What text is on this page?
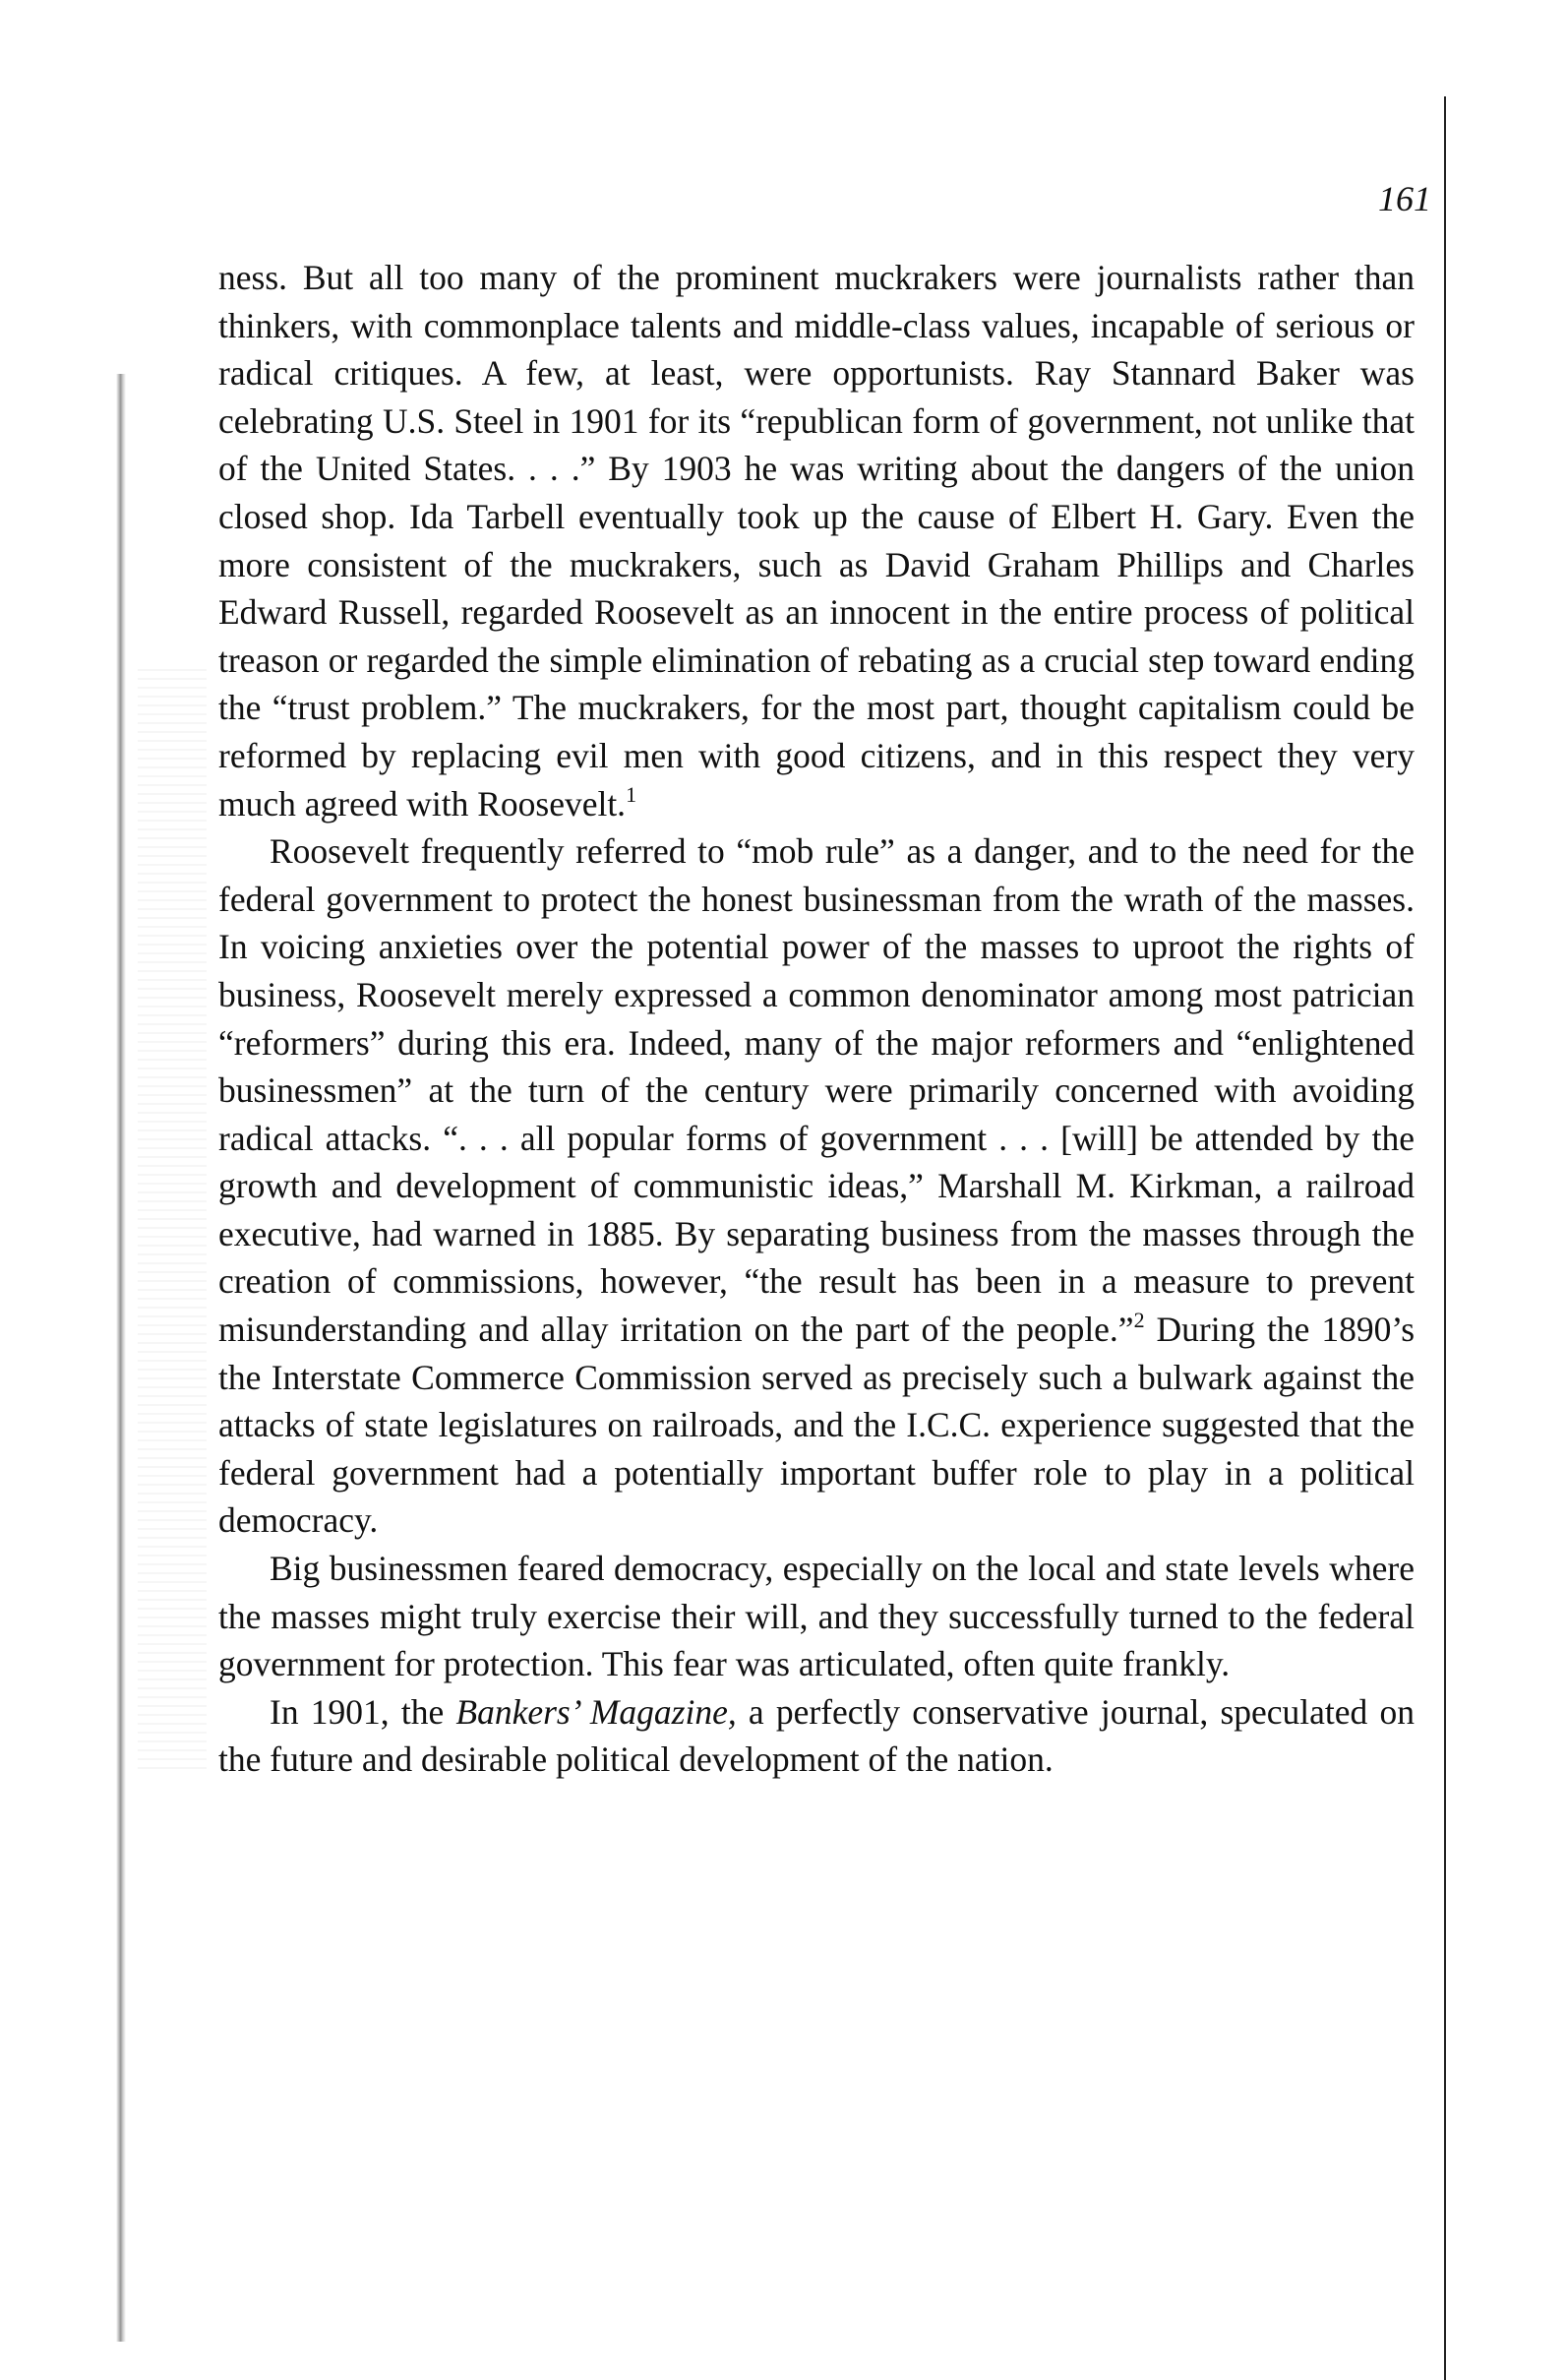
161

ness. But all too many of the prominent muckrakers were journalists rather than thinkers, with commonplace talents and middle-class values, incapable of serious or radical critiques. A few, at least, were opportunists. Ray Stannard Baker was celebrating U.S. Steel in 1901 for its “republican form of government, not unlike that of the United States. . . .” By 1903 he was writing about the dangers of the union closed shop. Ida Tarbell eventually took up the cause of Elbert H. Gary. Even the more consistent of the muckrakers, such as David Graham Phillips and Charles Edward Russell, regarded Roosevelt as an innocent in the entire process of political treason or regarded the simple elimination of rebating as a crucial step toward ending the “trust problem.” The muckrakers, for the most part, thought capitalism could be reformed by replacing evil men with good citizens, and in this respect they very much agreed with Roosevelt.$^1$

Roosevelt frequently referred to “mob rule” as a danger, and to the need for the federal government to protect the honest businessman from the wrath of the masses. In voicing anxieties over the potential power of the masses to uproot the rights of business, Roosevelt merely expressed a common denominator among most patrician “reformers” during this era. Indeed, many of the major reformers and “enlightened businessmen” at the turn of the century were primarily concerned with avoiding radical attacks. “. . . all popular forms of government . . . [will] be attended by the growth and development of communistic ideas,” Marshall M. Kirkman, a railroad executive, had warned in 1885. By separating business from the masses through the creation of commissions, however, “the result has been in a measure to prevent misunderstanding and allay irritation on the part of the people.”$^2$ During the 1890’s the Interstate Commerce Commission served as precisely such a bulwark against the attacks of state legislatures on railroads, and the I.C.C. experience suggested that the federal government had a potentially important buffer role to play in a political democracy.

Big businessmen feared democracy, especially on the local and state levels where the masses might truly exercise their will, and they successfully turned to the federal government for protection. This fear was articulated, often quite frankly.

In 1901, the Bankers’ Magazine, a perfectly conservative journal, speculated on the future and desirable political development of the nation.
